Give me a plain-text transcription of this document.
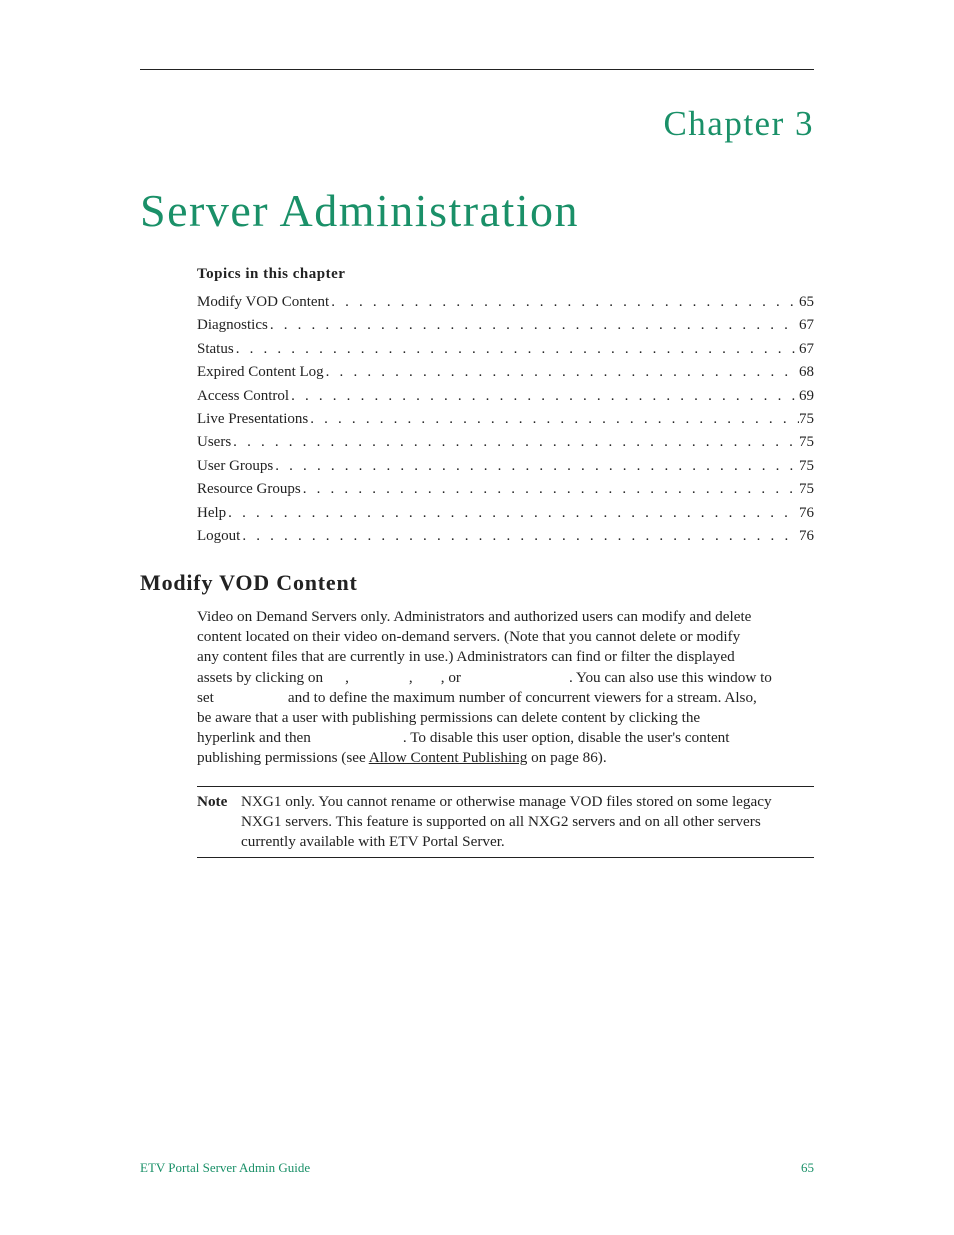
Chapter 3
Server Administration
Topics in this chapter
Modify VOD Content . . .	65
Diagnostics . . .	67
Status . . .	67
Expired Content Log . . .	68
Access Control . . .	69
Live Presentations . . .	75
Users . . .	75
User Groups . . .	75
Resource Groups . . .	75
Help . . .	76
Logout . . .	76
Modify VOD Content
Video on Demand Servers only. Administrators and authorized users can modify and delete
content located on their video on-demand servers. (Note that you cannot delete or modify
any content files that are currently in use.) Administrators can find or filter the displayed
assets by clicking on ,	, , or	. You can also use this window to
set	and to define the maximum number of concurrent viewers for a stream. Also,
be aware that a user with publishing permissions can delete content by clicking the
hyperlink and then	. To disable this user option, disable the user's content
publishing permissions (see Allow Content Publishing on page 86).
Note NXG1 only. You cannot rename or otherwise manage VOD files stored on some legacy NXG1 servers. This feature is supported on all NXG2 servers and on all other servers currently available with ETV Portal Server.
ETV Portal Server Admin Guide	65
